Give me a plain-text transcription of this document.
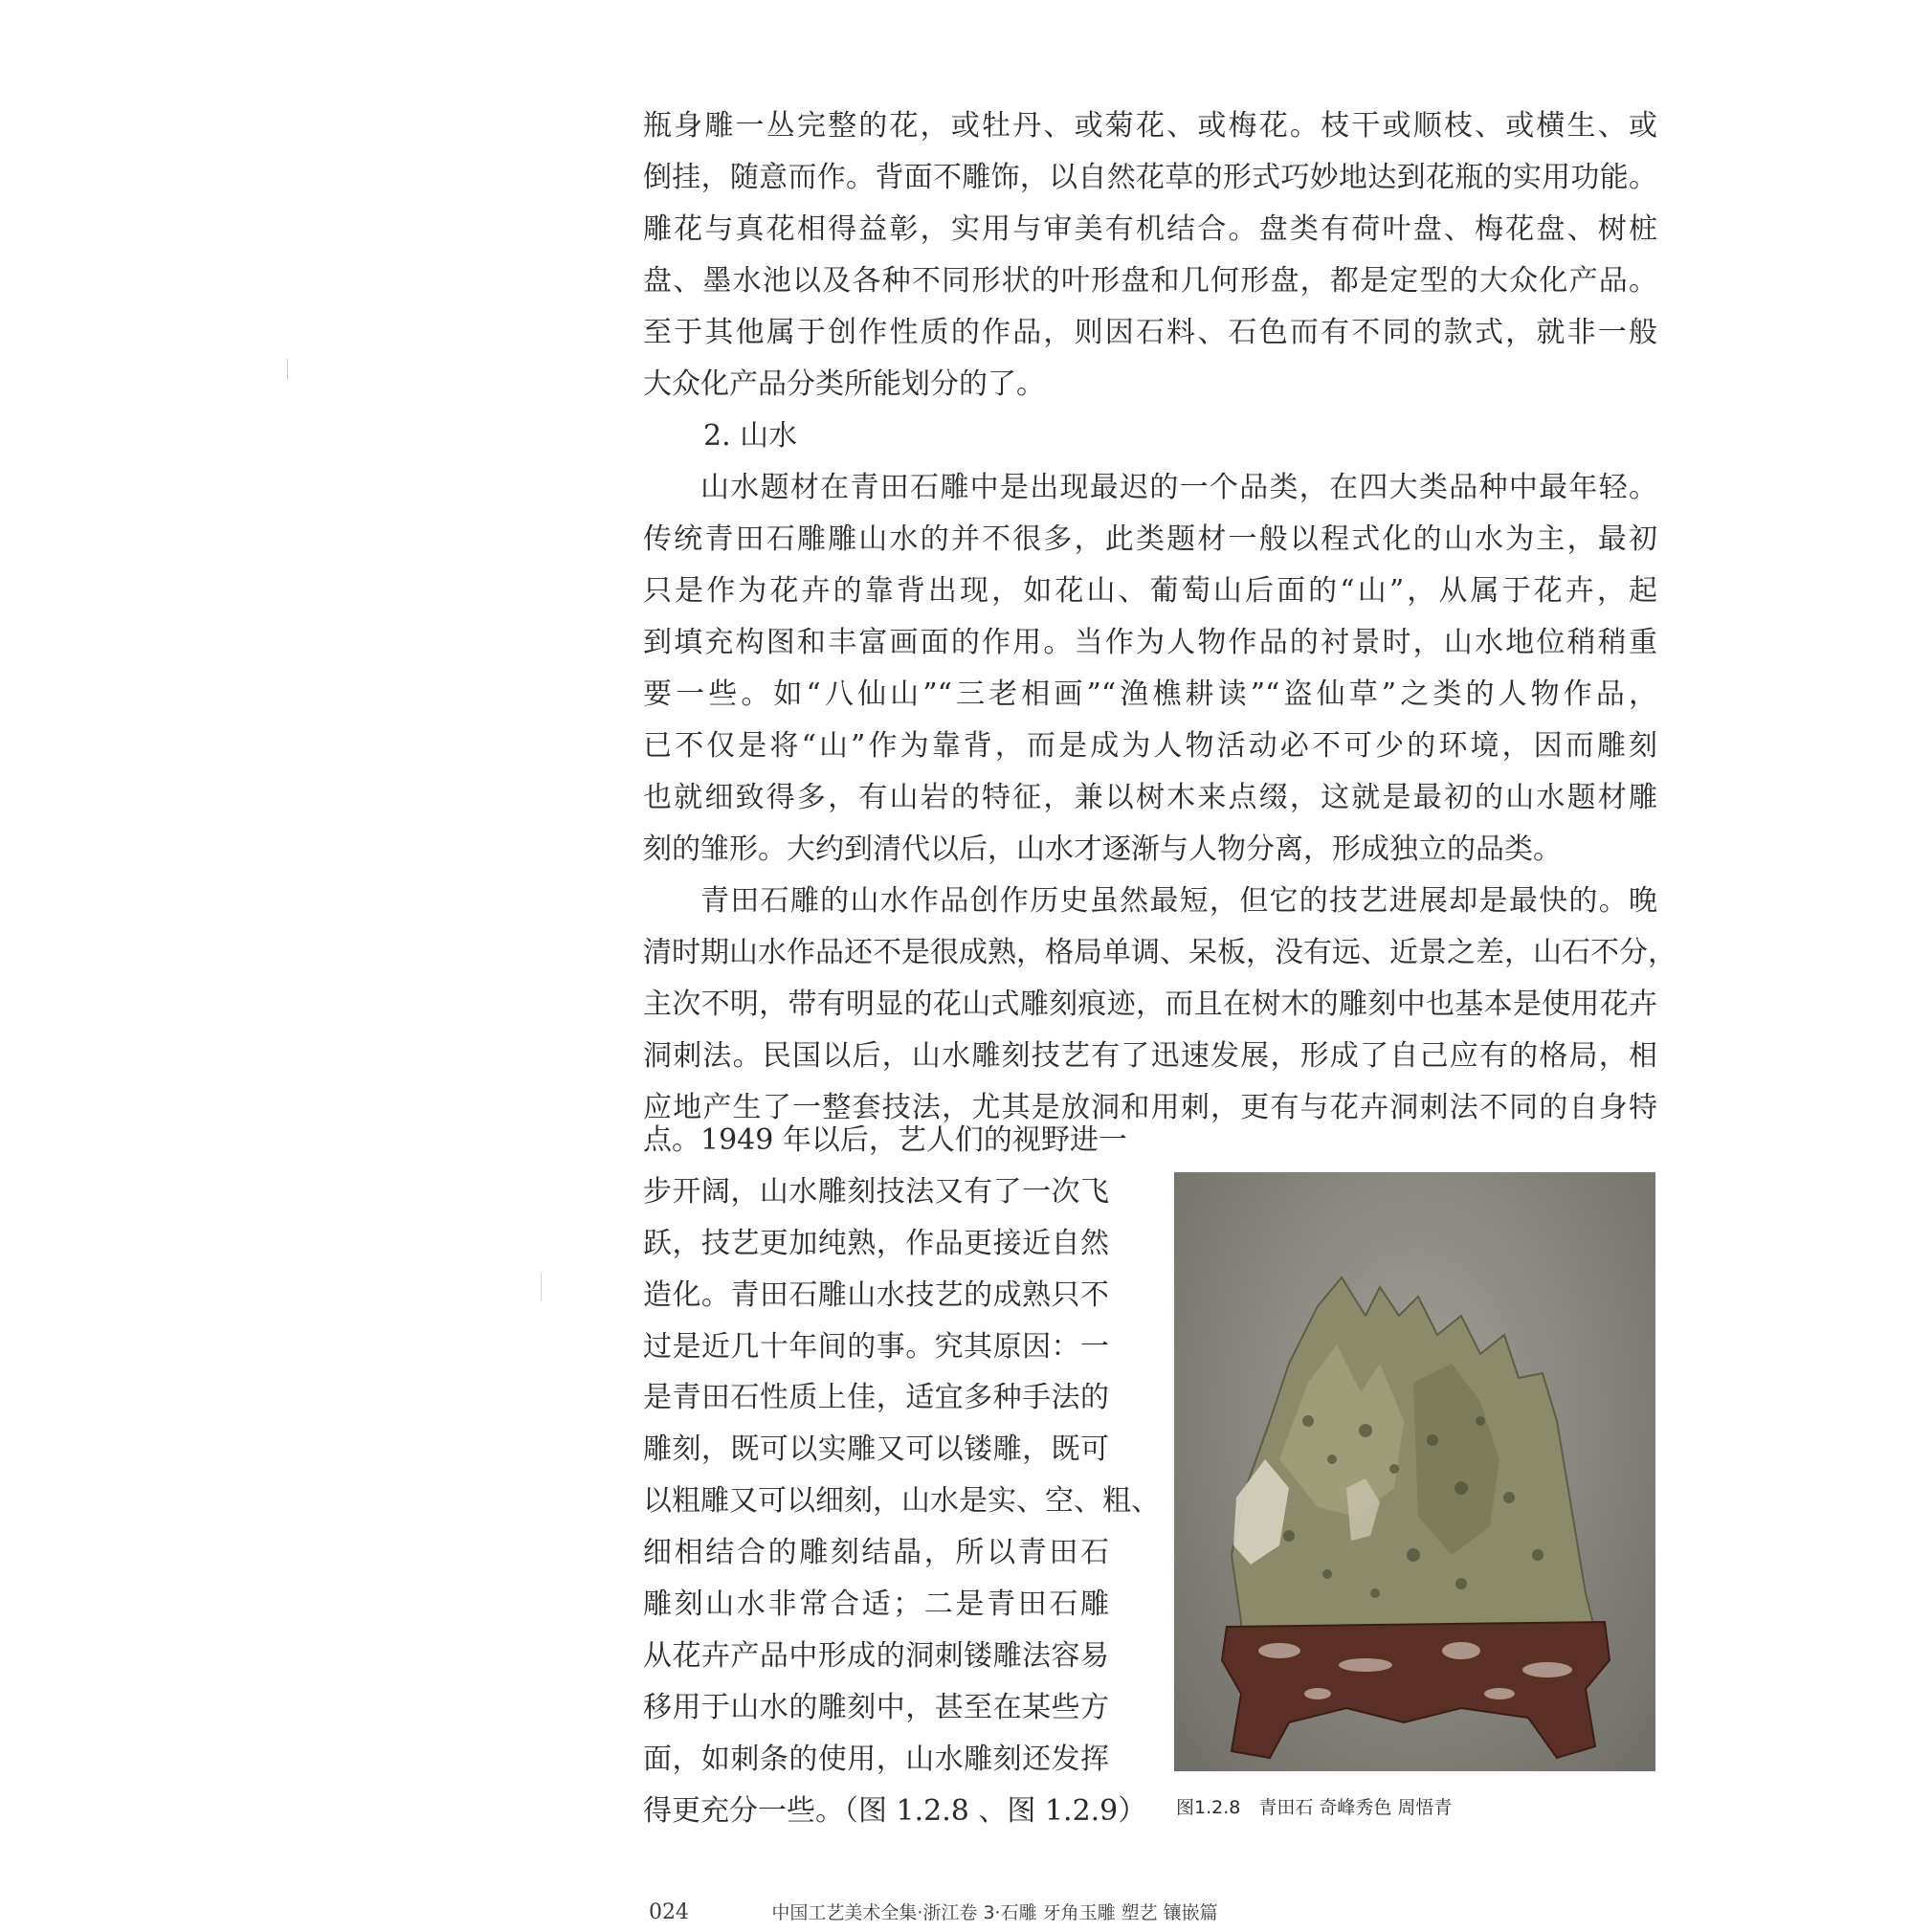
瓶身雕一丛完整的花，或牡丹、或菊花、或梅花。枝干或顺枝、或横生、或
倒挂，随意而作。背面不雕饰，以自然花草的形式巧妙地达到花瓶的实用功能。
雕花与真花相得益彰，实用与审美有机结合。盘类有荷叶盘、梅花盘、树桩
盘、墨水池以及各种不同形状的叶形盘和几何形盘，都是定型的大众化产品。
至于其他属于创作性质的作品，则因石料、石色而有不同的款式，就非一般
大众化产品分类所能划分的了。
2. 山水
山水题材在青田石雕中是出现最迟的一个品类，在四大类品种中最年轻。
传统青田石雕雕山水的并不很多，此类题材一般以程式化的山水为主，最初
只是作为花卉的靠背出现，如花山、葡萄山后面的“山”，从属于花卉，起
到填充构图和丰富画面的作用。当作为人物作品的衬景时，山水地位稍稍重
要一些。如“八仙山”“三老相画”“渔樵耕读”“盗仙草”之类的人物作品，
已不仅是将“山”作为靠背，而是成为人物活动必不可少的环境，因而雕刻
也就细致得多，有山岩的特征，兼以树木来点缀，这就是最初的山水题材雕
刻的雏形。大约到清代以后，山水才逐渐与人物分离，形成独立的品类。
青田石雕的山水作品创作历史虽然最短，但它的技艺进展却是最快的。晚
清时期山水作品还不是很成熟，格局单调、呆板，没有远、近景之差，山石不分，
主次不明，带有明显的花山式雕刻痕迹，而且在树木的雕刻中也基本是使用花卉
洞刺法。民国以后，山水雕刻技艺有了迅速发展，形成了自己应有的格局，相
应地产生了一整套技法，尤其是放洞和用刺，更有与花卉洞刺法不同的自身特
点。1949 年以后，艺人们的视野进一
步开阔，山水雕刻技法又有了一次飞
跃，技艺更加纯熟，作品更接近自然
造化。青田石雕山水技艺的成熟只不
过是近几十年间的事。究其原因：一
是青田石性质上佳，适宜多种手法的
雕刻，既可以实雕又可以镂雕，既可
以粗雕又可以细刻，山水是实、空、粗、
细相结合的雕刻结晶，所以青田石
雕刻山水非常合适；二是青田石雕
从花卉产品中形成的洞刺镂雕法容易
移用于山水的雕刻中，甚至在某些方
面，如刺条的使用，山水雕刻还发挥
得更充分一些。（图 1.2.8 、图 1.2.9） 图1.2.8　青田石 奇峰秀色 周悟青
024	中国工艺美术全集·浙江卷 3·石雕 牙角玉雕 塑艺 镶嵌篇
